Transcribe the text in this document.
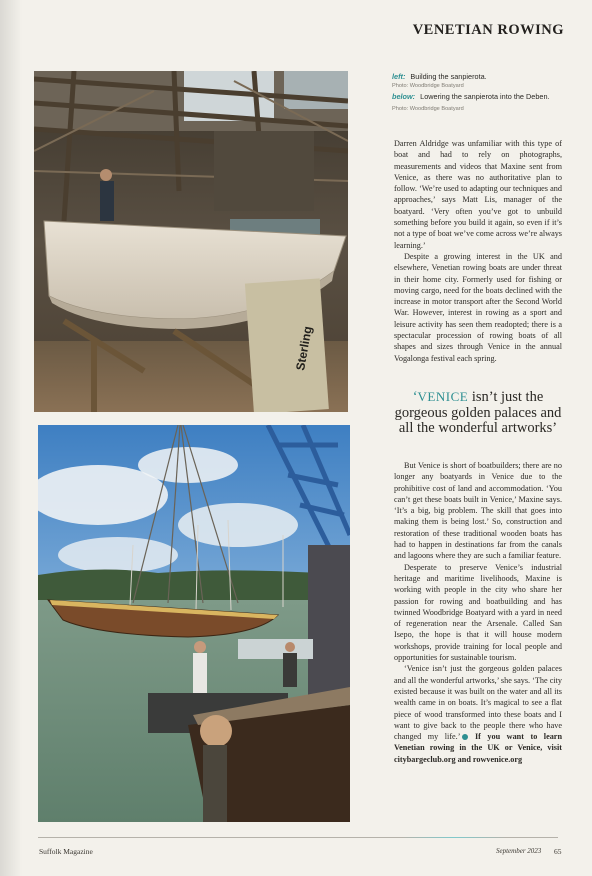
VENETIAN ROWING
Sterling
left: Building the sanpierota.
Photo: Woodbridge Boatyard
below: Lowering the sanpierota into the Deben. Photo: Woodbridge Boatyard

Darren Aldridge was unfamiliar with this type of boat and had to rely on photographs, measurements and videos that Maxine sent from Venice, as there was no authoritative plan to follow. ‘We’re used to adapting our techniques and approaches,’ says Matt Lis, manager of the boatyard. ‘Very often you’ve got to unbuild something before you build it again, so even if it’s not a type of boat we’ve come across we’re always learning.’

Despite a growing interest in the UK and elsewhere, Venetian rowing boats are under threat in their home city. Formerly used for fishing or moving cargo, need for the boats declined with the increase in motor transport after the Second World War. However, interest in rowing as a sport and leisure activity has seen them readopted; there is a spectacular procession of rowing boats of all shapes and sizes through Venice in the annual Vogalonga festival each spring.

‘VENICE isn’t just the gorgeous golden palaces and all the wonderful artworks’

But Venice is short of boatbuilders; there are no longer any boatyards in Venice due to the prohibitive cost of land and accommodation. ‘You can’t get these boats built in Venice,’ Maxine says. ‘It’s a big, big problem. The skill that goes into making them is being lost.’ So, construction and restoration of these traditional wooden boats has had to happen in destinations far from the canals and lagoons where they are such a familiar feature.

Desperate to preserve Venice’s industrial heritage and maritime livelihoods, Maxine is working with people in the city who share her passion for rowing and boatbuilding and has twinned Woodbridge Boatyard with a yard in need of regeneration near the Arsenale. Called San Isepo, the hope is that it will house modern workshops, provide training for local people and opportunities for sustainable tourism.

‘Venice isn’t just the gorgeous golden palaces and all the wonderful artworks,’ she says. ‘The city existed because it was built on the water and all its wealth came in on boats. It’s magical to see a flat piece of wood transformed into these boats and I want to give back to the people there who have changed my life.’ If you want to learn Venetian rowing in the UK or Venice, visit citybargeclub.org and rowvenice.org

Suffolk Magazine	September 2023 65
